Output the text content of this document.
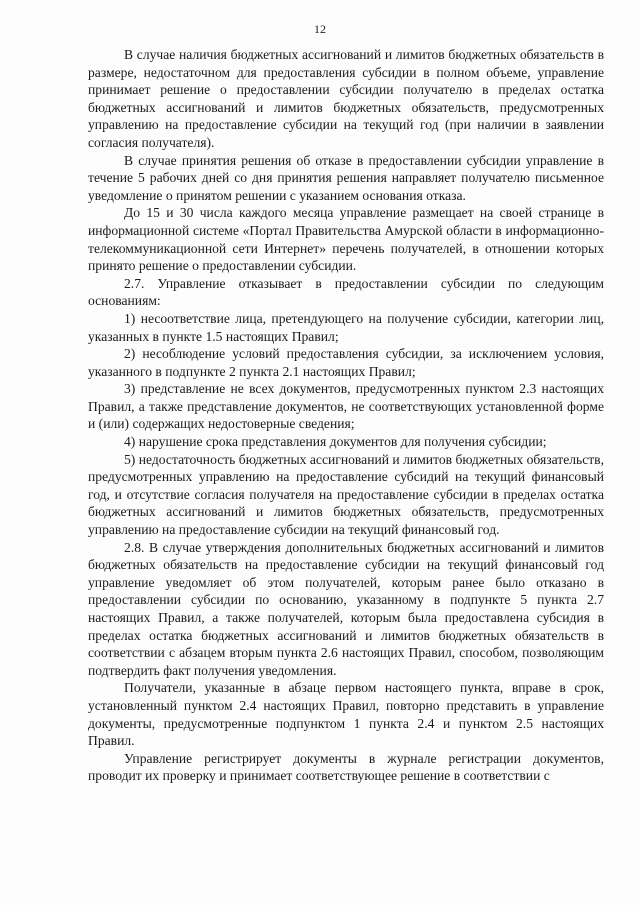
12

В случае наличия бюджетных ассигнований и лимитов бюджетных обязательств в размере, недостаточном для предоставления субсидии в полном объеме, управление принимает решение о предоставлении субсидии получателю в пределах остатка бюджетных ассигнований и лимитов бюджетных обязательств, предусмотренных управлению на предоставление субсидии на текущий год (при наличии в заявлении согласия получателя).

В случае принятия решения об отказе в предоставлении субсидии управление в течение 5 рабочих дней со дня принятия решения направляет получателю письменное уведомление о принятом решении с указанием основания отказа.

До 15 и 30 числа каждого месяца управление размещает на своей странице в информационной системе «Портал Правительства Амурской области в информационно-телекоммуникационной сети Интернет» перечень получателей, в отношении которых принято решение о предоставлении субсидии.

2.7. Управление отказывает в предоставлении субсидии по следующим основаниям:

1) несоответствие лица, претендующего на получение субсидии, категории лиц, указанных в пункте 1.5 настоящих Правил;

2) несоблюдение условий предоставления субсидии, за исключением условия, указанного в подпункте 2 пункта 2.1 настоящих Правил;

3) представление не всех документов, предусмотренных пунктом 2.3 настоящих Правил, а также представление документов, не соответствующих установленной форме и (или) содержащих недостоверные сведения;

4) нарушение срока представления документов для получения субсидии;

5) недостаточность бюджетных ассигнований и лимитов бюджетных обязательств, предусмотренных управлению на предоставление субсидий на текущий финансовый год, и отсутствие согласия получателя на предоставление субсидии в пределах остатка бюджетных ассигнований и лимитов бюджетных обязательств, предусмотренных управлению на предоставление субсидии на текущий финансовый год.

2.8. В случае утверждения дополнительных бюджетных ассигнований и лимитов бюджетных обязательств на предоставление субсидии на текущий финансовый год управление уведомляет об этом получателей, которым ранее было отказано в предоставлении субсидии по основанию, указанному в подпункте 5 пункта 2.7 настоящих Правил, а также получателей, которым была предоставлена субсидия в пределах остатка бюджетных ассигнований и лимитов бюджетных обязательств в соответствии с абзацем вторым пункта 2.6 настоящих Правил, способом, позволяющим подтвердить факт получения уведомления.

Получатели, указанные в абзаце первом настоящего пункта, вправе в срок, установленный пунктом 2.4 настоящих Правил, повторно представить в управление документы, предусмотренные подпунктом 1 пункта 2.4 и пунктом 2.5 настоящих Правил.

Управление регистрирует документы в журнале регистрации документов, проводит их проверку и принимает соответствующее решение в соответствии с
